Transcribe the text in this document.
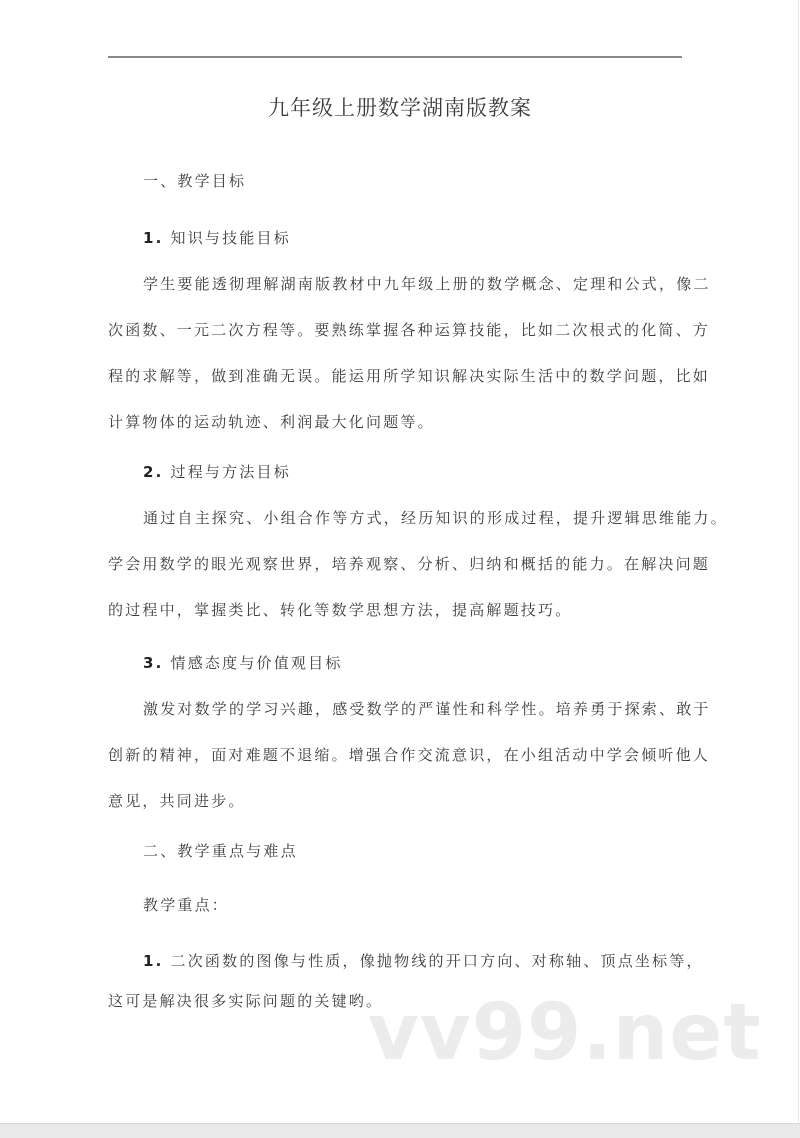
九年级上册数学湖南版教案
一、教学目标
1. 知识与技能目标
学生要能透彻理解湖南版教材中九年级上册的数学概念、定理和公式，像二
次函数、一元二次方程等。要熟练掌握各种运算技能，比如二次根式的化简、方
程的求解等，做到准确无误。能运用所学知识解决实际生活中的数学问题，比如
计算物体的运动轨迹、利润最大化问题等。
2. 过程与方法目标
通过自主探究、小组合作等方式，经历知识的形成过程，提升逻辑思维能力。
学会用数学的眼光观察世界，培养观察、分析、归纳和概括的能力。在解决问题
的过程中，掌握类比、转化等数学思想方法，提高解题技巧。
3. 情感态度与价值观目标
激发对数学的学习兴趣，感受数学的严谨性和科学性。培养勇于探索、敢于
创新的精神，面对难题不退缩。增强合作交流意识，在小组活动中学会倾听他人
意见，共同进步。
二、教学重点与难点
教学重点：
1. 二次函数的图像与性质，像抛物线的开口方向、对称轴、顶点坐标等，
这可是解决很多实际问题的关键哟。
vv99.net
